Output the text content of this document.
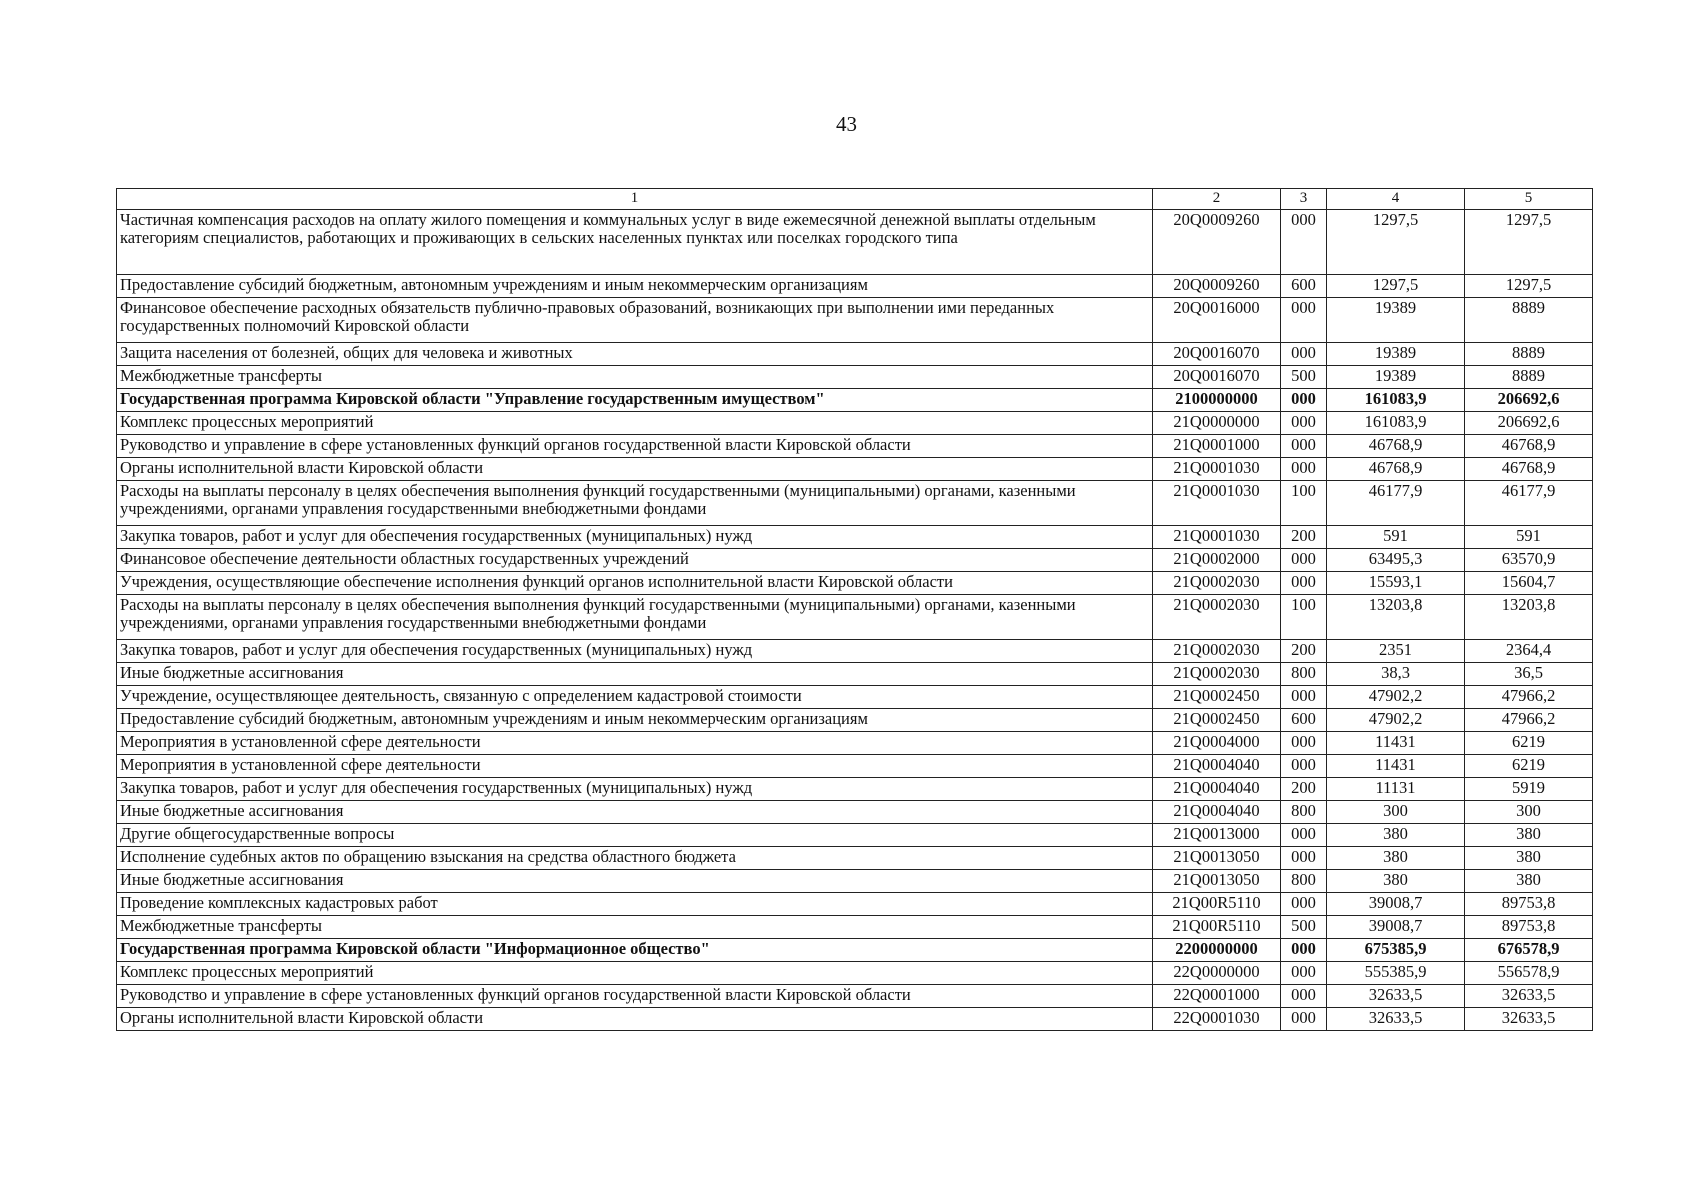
43
1	2	3	4	5
Частичная компенсация расходов на оплату жилого помещения и коммунальных услуг в виде ежемесячной денежной выплаты отдельным категориям специалистов, работающих и проживающих в сельских населенных пунктах или поселках городского типа	20Q0009260	000	1297,5	1297,5
Предоставление субсидий бюджетным, автономным учреждениям и иным некоммерческим организациям	20Q0009260	600	1297,5	1297,5
Финансовое обеспечение расходных обязательств публично-правовых образований, возникающих при выполнении ими переданных государственных полномочий Кировской области	20Q0016000	000	19389	8889
Защита населения от болезней, общих для человека и животных	20Q0016070	000	19389	8889
Межбюджетные трансферты	20Q0016070	500	19389	8889
Государственная программа Кировской области "Управление государственным имуществом"	2100000000	000	161083,9	206692,6
Комплекс процессных мероприятий	21Q0000000	000	161083,9	206692,6
Руководство и управление в сфере установленных функций органов государственной власти Кировской области	21Q0001000	000	46768,9	46768,9
Органы исполнительной власти Кировской области	21Q0001030	000	46768,9	46768,9
Расходы на выплаты персоналу в целях обеспечения выполнения функций государственными (муниципальными) органами, казенными учреждениями, органами управления государственными внебюджетными фондами	21Q0001030	100	46177,9	46177,9
Закупка товаров, работ и услуг для обеспечения государственных (муниципальных) нужд	21Q0001030	200	591	591
Финансовое обеспечение деятельности областных государственных учреждений	21Q0002000	000	63495,3	63570,9
Учреждения, осуществляющие обеспечение исполнения функций органов исполнительной власти Кировской области	21Q0002030	000	15593,1	15604,7
Расходы на выплаты персоналу в целях обеспечения выполнения функций государственными (муниципальными) органами, казенными учреждениями, органами управления государственными внебюджетными фондами	21Q0002030	100	13203,8	13203,8
Закупка товаров, работ и услуг для обеспечения государственных (муниципальных) нужд	21Q0002030	200	2351	2364,4
Иные бюджетные ассигнования	21Q0002030	800	38,3	36,5
Учреждение, осуществляющее деятельность, связанную с определением кадастровой стоимости	21Q0002450	000	47902,2	47966,2
Предоставление субсидий бюджетным, автономным учреждениям и иным некоммерческим организациям	21Q0002450	600	47902,2	47966,2
Мероприятия в установленной сфере деятельности	21Q0004000	000	11431	6219
Мероприятия в установленной сфере деятельности	21Q0004040	000	11431	6219
Закупка товаров, работ и услуг для обеспечения государственных (муниципальных) нужд	21Q0004040	200	11131	5919
Иные бюджетные ассигнования	21Q0004040	800	300	300
Другие общегосударственные вопросы	21Q0013000	000	380	380
Исполнение судебных актов по обращению взыскания на средства областного бюджета	21Q0013050	000	380	380
Иные бюджетные ассигнования	21Q0013050	800	380	380
Проведение комплексных кадастровых работ	21Q00R5110	000	39008,7	89753,8
Межбюджетные трансферты	21Q00R5110	500	39008,7	89753,8
Государственная программа Кировской области "Информационное общество"	2200000000	000	675385,9	676578,9
Комплекс процессных мероприятий	22Q0000000	000	555385,9	556578,9
Руководство и управление в сфере установленных функций органов государственной власти Кировской области	22Q0001000	000	32633,5	32633,5
Органы исполнительной власти Кировской области	22Q0001030	000	32633,5	32633,5
